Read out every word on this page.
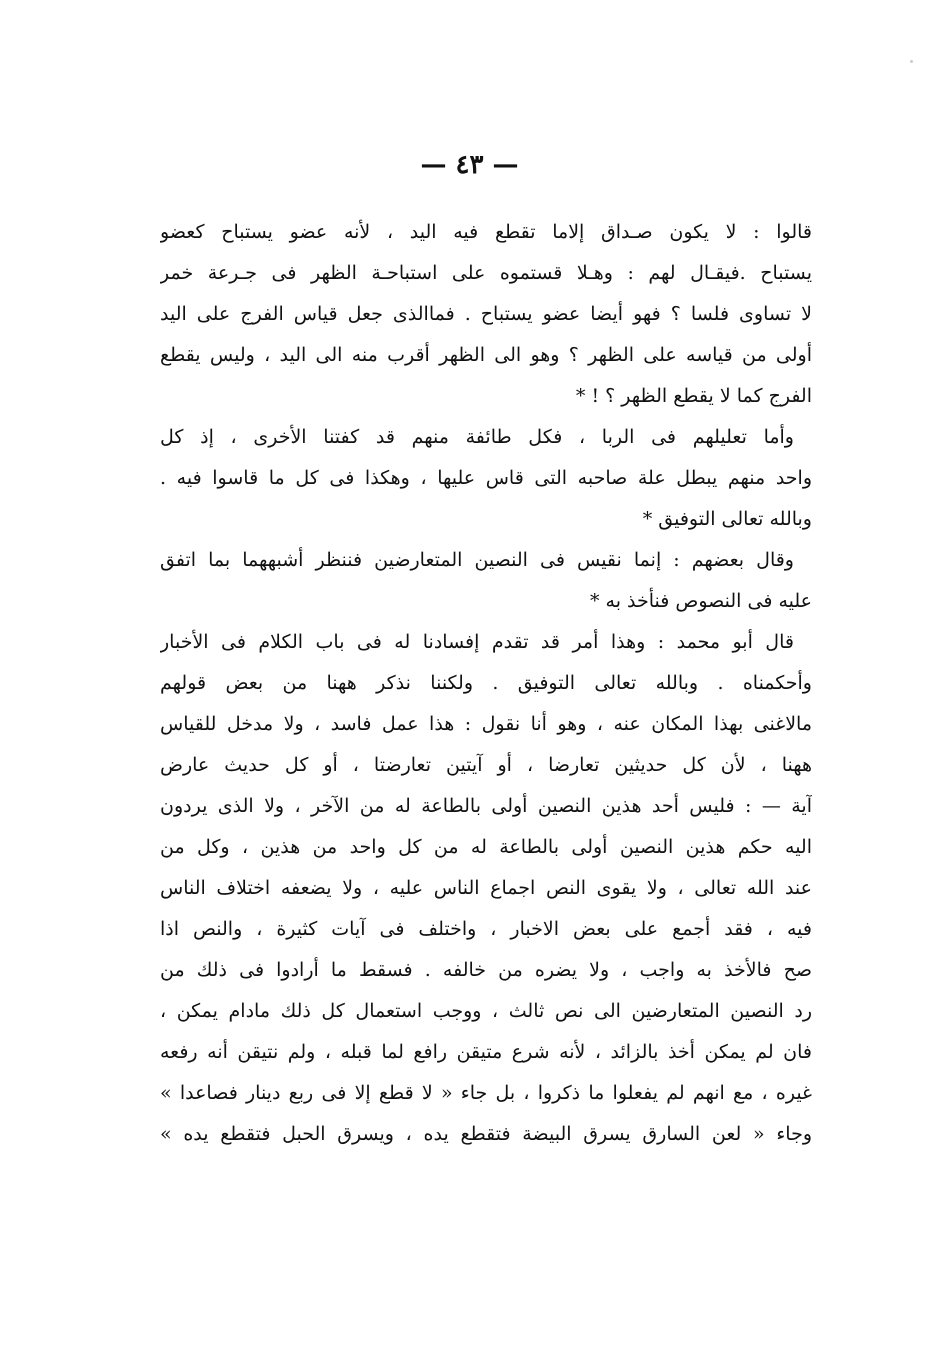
— ٤٣ —
قالوا : لا يكون صـداق إلاما تقطع فيه اليد ، لأنه عضو يستباح كعضو
يستباح .فيقـال لهم : وهـلا قستموه على استباحـة الظهر فى جـرعة خمر
لا تساوى فلسا ؟ فهو أيضا عضو يستباح . فماالذى جعل قياس الفرج على اليد
أولى من قياسه على الظهر ؟ وهو الى الظهر أقرب منه الى اليد ، وليس يقطع
الفرج كما لا يقطع الظهر ؟ ! *
وأما تعليلهم فى الربا ، فكل طائفة منهم قد كفتنا الأخرى ، إذ كل
واحد منهم يبطل علة صاحبه التى قاس عليها ، وهكذا فى كل ما قاسوا فيه .
وبالله تعالى التوفيق *
وقال بعضهم : إنما نقيس فى النصين المتعارضين فننظر أشبههما بما اتفق
عليه فى النصوص فنأخذ به *
قال أبو محمد : وهذا أمر قد تقدم إفسادنا له فى باب الكلام فى الأخبار
وأحكمناه . وبالله تعالى التوفيق . ولكننا نذكر ههنا من بعض قولهم
مالاغنى بهذا المكان عنه ، وهو أنا نقول : هذا عمل فاسد ، ولا مدخل للقياس
ههنا ، لأن كل حديثين تعارضا ، أو آيتين تعارضتا ، أو كل حديث عارض
آية — : فليس أحد هذين النصين أولى بالطاعة له من الآخر ، ولا الذى يردون
اليه حكم هذين النصين أولى بالطاعة له من كل واحد من هذين ، وكل من
عند الله تعالى ، ولا يقوى النص اجماع الناس عليه ، ولا يضعفه اختلاف الناس
فيه ، فقد أجمع على بعض الاخبار ، واختلف فى آيات كثيرة ، والنص اذا
صح فالأخذ به واجب ، ولا يضره من خالفه . فسقط ما أرادوا فى ذلك من
رد النصين المتعارضين الى نص ثالث ، ووجب استعمال كل ذلك مادام يمكن ،
فان لم يمكن أخذ بالزائد ، لأنه شرع متيقن رافع لما قبله ، ولم نتيقن أنه رفعه
غيره ، مع انهم لم يفعلوا ما ذكروا ، بل جاء « لا قطع إلا فى ربع دينار فصاعدا »
وجاء « لعن السارق يسرق البيضة فتقطع يده ، ويسرق الحبل فتقطع يده »
